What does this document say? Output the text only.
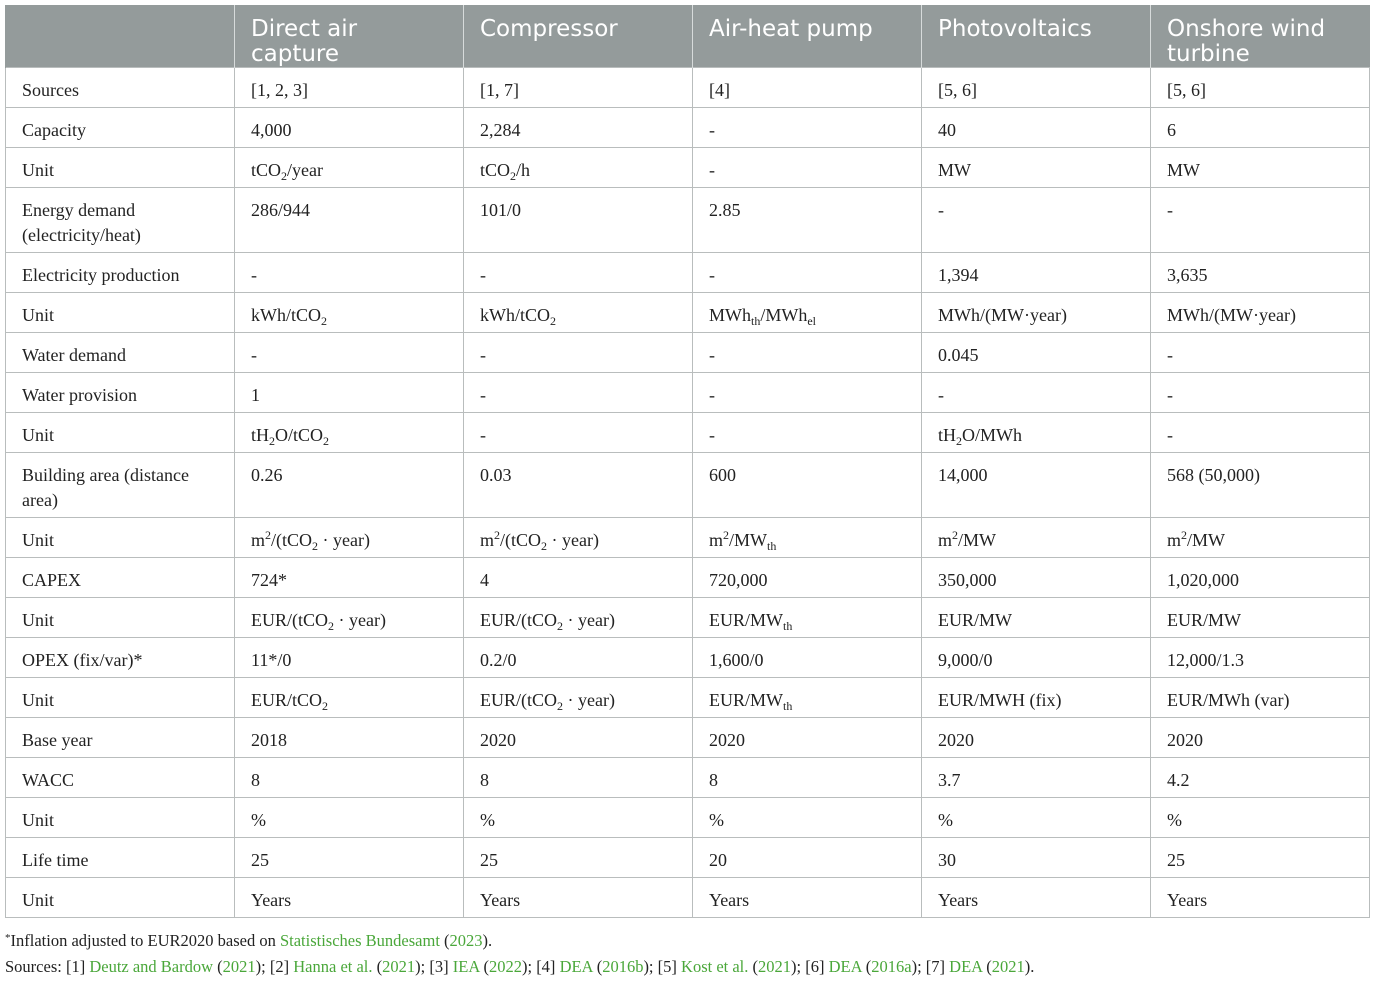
	Direct air capture	Compressor	Air-heat pump	Photovoltaics	Onshore wind turbine
Sources	[1, 2, 3]	[1, 7]	[4]	[5, 6]	[5, 6]
Capacity	4,000	2,284	-	40	6
Unit	tCO$_2$/year	tCO$_2$/h	-	MW	MW
Energy demand (electricity/heat)	286/944	101/0	2.85	-	-
Electricity production	-	-	-	1,394	3,635
Unit	kWh/tCO$_2$	kWh/tCO$_2$	MWh$_{th}$/MWh$_{el}$	MWh/(MW·year)	MWh/(MW·year)
Water demand	-	-	-	0.045	-
Water provision	1	-	-	-	-
Unit	$tH_2O/tCO_2$	-	-	$tH_2O$/MWh	-
Building area (distance area)	0.26	0.03	600	14,000	568 (50,000)
Unit	$m^2/(tCO_2$ · year)	$m^2/(tCO_2$ · year)	$m^2/MW_{th}$	$m^2/MW$	$m^2/MW$
CAPEX	724*	4	720,000	350,000	1,020,000
Unit	EUR/(tCO$_2$ · year)	EUR/(tCO$_2$ · year)	EUR/$MW_{th}$	EUR/MW	EUR/MW
OPEX (fix/var)*	11*/0	0.2/0	1,600/0	9,000/0	12,000/1.3
Unit	EUR/tCO$_2$	EUR/(tCO$_2$ · year)	EUR/$MW_{th}$	EUR/MWH (fix)	EUR/MWh (var)
Base year	2018	2020	2020	2020	2020
WACC	8	8	8	3.7	4.2
Unit	%	%	%	%	%
Life time	25	25	20	30	25
Unit	Years	Years	Years	Years	Years
*Inflation adjusted to EUR2020 based on Statistisches Bundesamt (2023).
Sources: [1] Deutz and Bardow (2021); [2] Hanna et al. (2021); [3] IEA (2022); [4] DEA (2016b); [5] Kost et al. (2021); [6] DEA (2016a); [7] DEA (2021).
